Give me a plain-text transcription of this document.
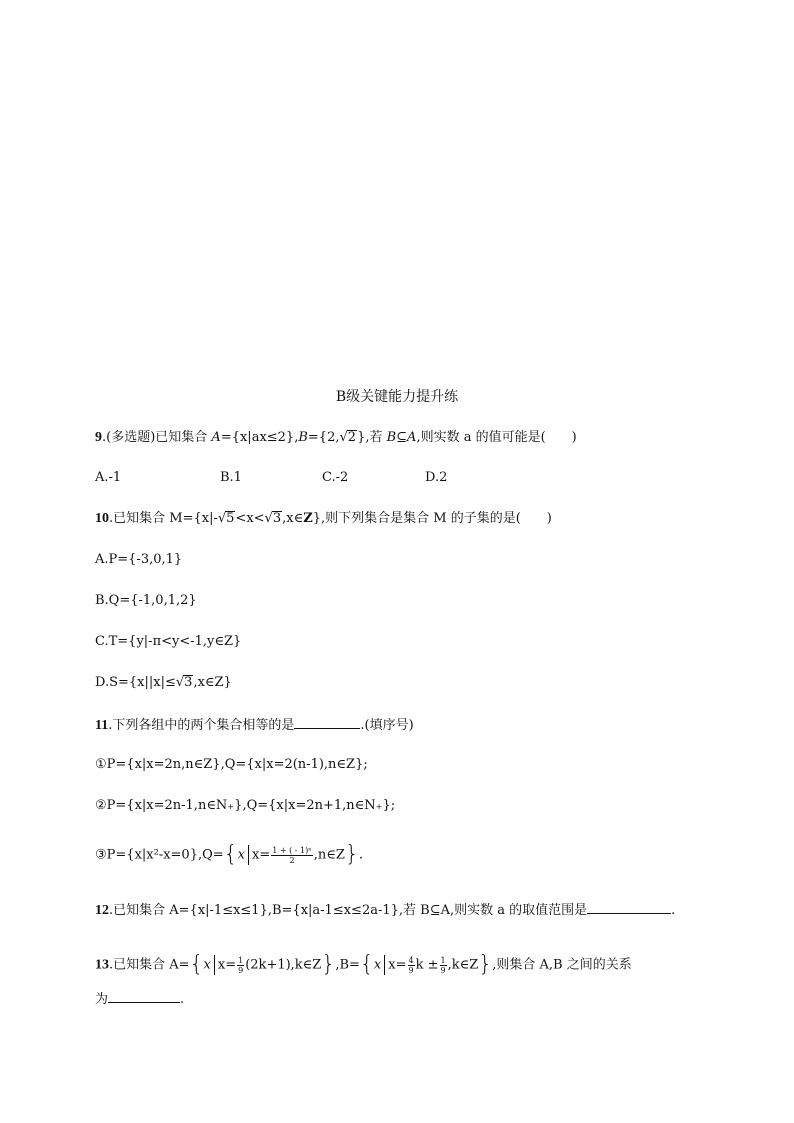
B级关键能力提升练
9.(多选题)已知集合 A={x|ax≤2},B={2,√2},若 B⊆A,则实数 a 的值可能是(　　)
A.-1	B.1	C.-2	D.2
10.已知集合 M={x|-√5<x<√3,x∈Z},则下列集合是集合 M 的子集的是(　　)
A.P={-3,0,1}
B.Q={-1,0,1,2}
C.T={y|-π<y<-1,y∈Z}
D.S={x||x|≤√3,x∈Z}
11.下列各组中的两个集合相等的是	.(填序号)
①P={x|x=2n,n∈Z},Q={x|x=2(n-1),n∈Z};
②P={x|x=2n-1,n∈N₊},Q={x|x=2n+1,n∈N₊};
③P={x|x²-x=0},Q={x $x= \frac{\text{1 + ( - 1)ⁿ}}{2}$ ,n∈Z}.
12.已知集合 A={x|-1≤x≤1},B={x|a-1≤x≤2a-1},若 B⊆A,则实数 a 的取值范围是	.
13.已知集合 A={x $x= \frac{1}{9}$ (2k+1),k∈Z},B={x $x= \frac{4}{9}$ $k \pm \frac{1}{9}$ ,k∈Z},则集合 A,B 之间的关系
为	.
